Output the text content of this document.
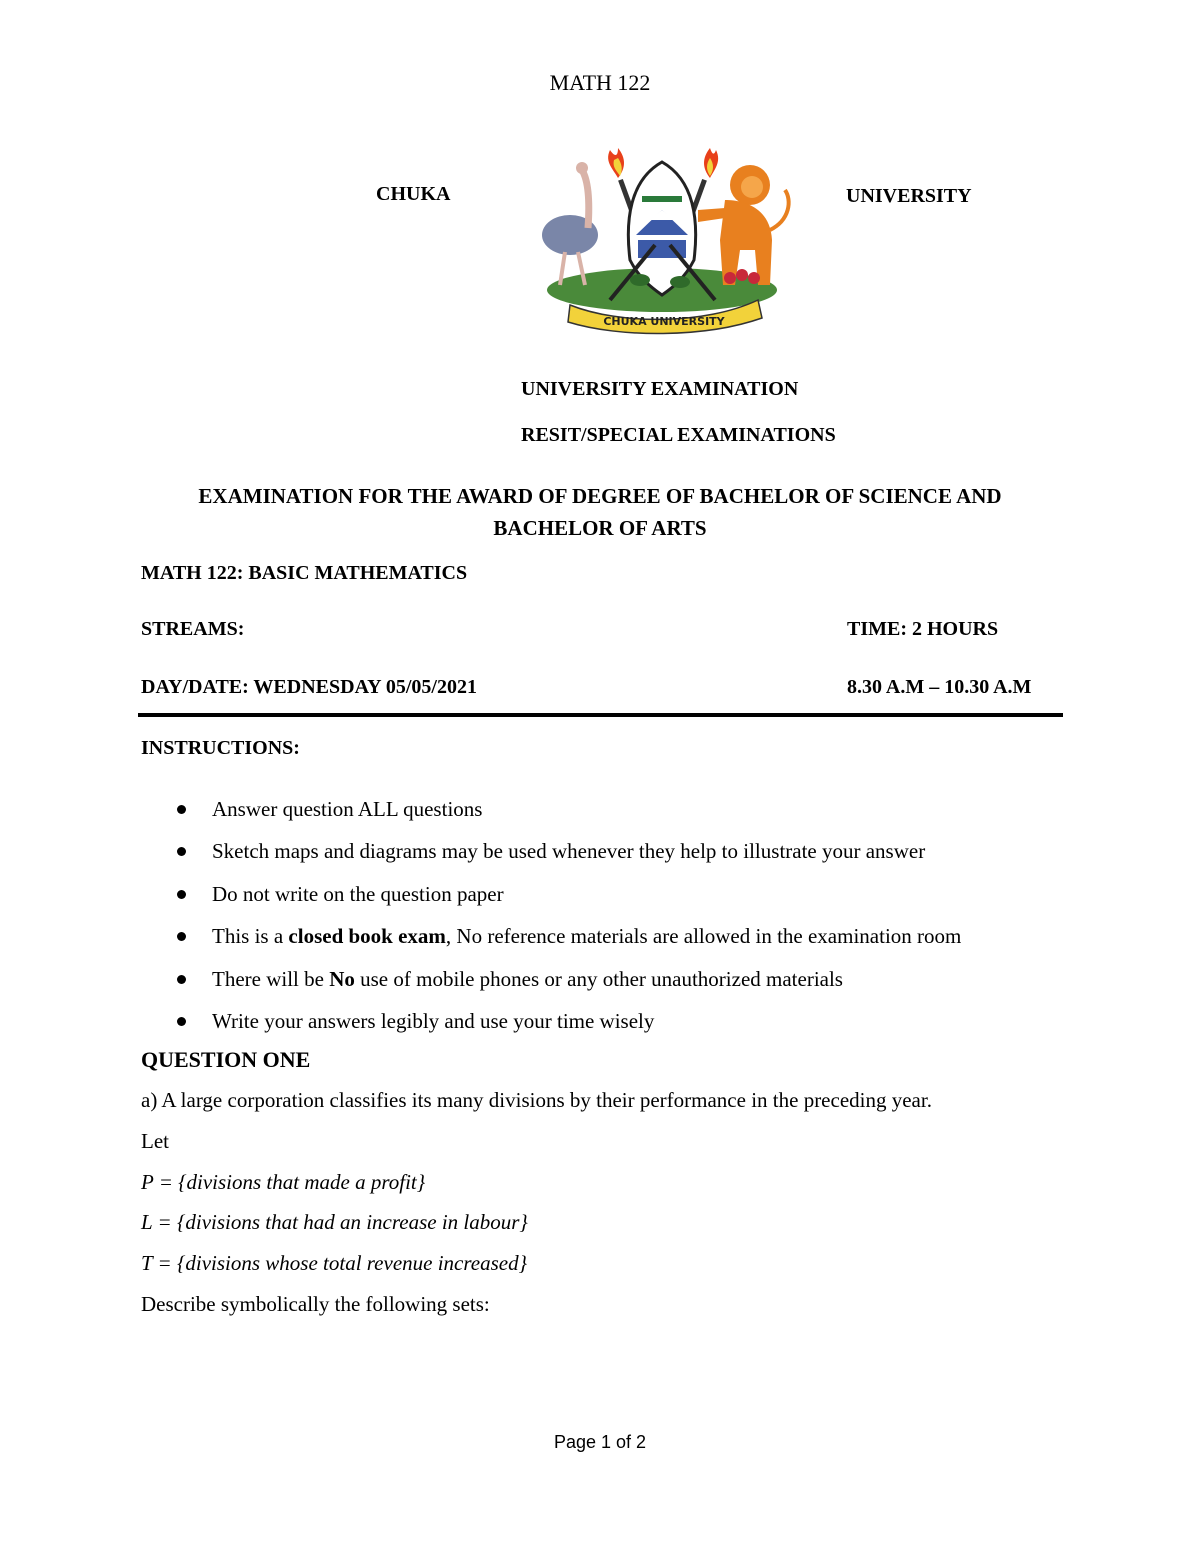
MATH 122
CHUKA	UNIVERSITY
CHUKA UNIVERSITY
UNIVERSITY EXAMINATION
RESIT/SPECIAL EXAMINATIONS
EXAMINATION FOR THE AWARD OF DEGREE OF BACHELOR OF SCIENCE AND
BACHELOR OF ARTS
MATH 122: BASIC MATHEMATICS
STREAMS:	TIME: 2 HOURS
DAY/DATE: WEDNESDAY 05/05/2021	8.30 A.M – 10.30 A.M
INSTRUCTIONS:
Answer question ALL questions
Sketch maps and diagrams may be used whenever they help to illustrate your answer
Do not write on the question paper
This is a closed book exam, No reference materials are allowed in the examination room
There will be No use of mobile phones or any other unauthorized materials
Write your answers legibly and use your time wisely
QUESTION ONE
a) A large corporation classifies its many divisions by their performance in the preceding year.
Let
P = {divisions that made a profit}
L = {divisions that had an increase in labour}
T = {divisions whose total revenue increased}
Describe symbolically the following sets:
Page 1 of 2
